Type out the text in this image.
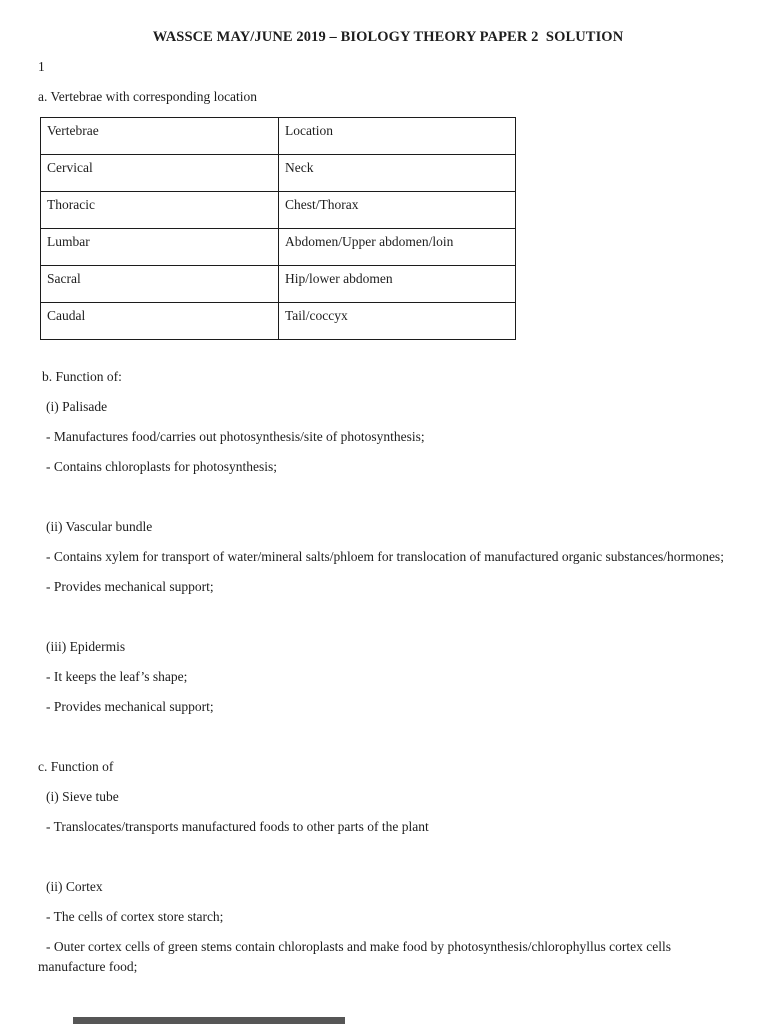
WASSCE MAY/JUNE 2019 – BIOLOGY THEORY PAPER 2  SOLUTION

1

a. Vertebrae with corresponding location

Vertebrae	Location
Cervical	Neck
Thoracic	Chest/Thorax
Lumbar	Abdomen/Upper abdomen/loin
Sacral	Hip/lower abdomen
Caudal	Tail/coccyx

b. Function of:

(i) Palisade

- Manufactures food/carries out photosynthesis/site of photosynthesis;

- Contains chloroplasts for photosynthesis;

(ii) Vascular bundle

- Contains xylem for transport of water/mineral salts/phloem for translocation of manufactured organic substances/hormones;

- Provides mechanical support;

(iii) Epidermis

- It keeps the leaf’s shape;

- Provides mechanical support;

c. Function of

(i) Sieve tube

- Translocates/transports manufactured foods to other parts of the plant

(ii) Cortex

- The cells of cortex store starch;

- Outer cortex cells of green stems contain chloroplasts and make food by photosynthesis/chlorophyllus cortex cells manufacture food;
